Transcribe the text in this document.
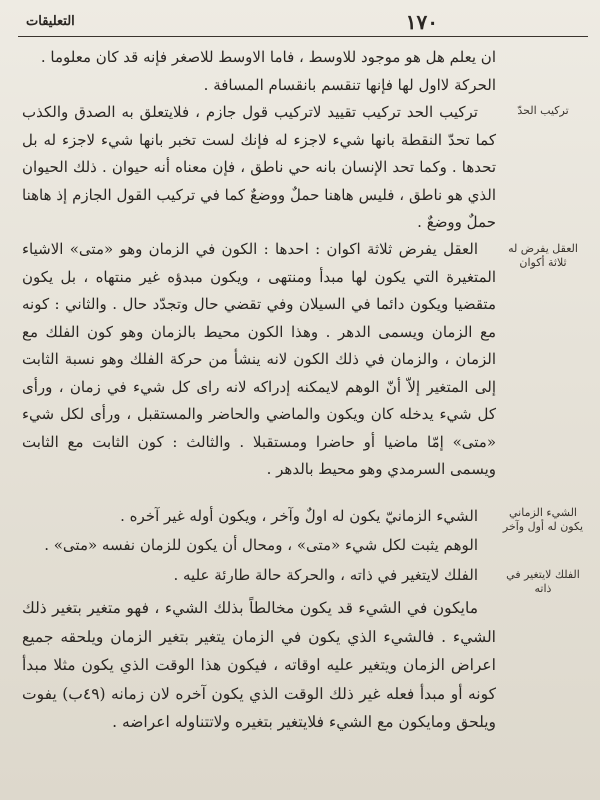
١٧٠
التعليقات

ان يعلم هل هو موجود للاوسط ، فاما الاوسط للاصغر فإنه قد كان معلوما .

الحركة لااول لها فإنها تنقسم بانقسام المسافة .

تركيب الحدّ
العقل يفرض له ثلاثة أكوان
الشيء الزماني يكون له أول وآخر
الفلك لايتغير في ذاته

تركيب الحد تركيب تقييد لاتركيب قول جازم ، فلايتعلق به الصدق والكذب كما تحدّ النقطة بانها شيء لاجزء له فإنك لست تخبر بانها شيء لاجزء له بل تحدها . وكما تحد الإنسان بانه حي ناطق ، فإن معناه أنه حيوان . ذلك الحيوان الذي هو ناطق ، فليس هاهنا حملٌ ووضعٌ كما في تركيب القول الجازم إذ هاهنا حملٌ ووضعٌ .

العقل يفرض ثلاثة اكوان : احدها : الكون في الزمان وهو «متى» الاشياء المتغيرة التي يكون لها مبدأ ومنتهى ، ويكون مبدؤه غير منتهاه ، بل يكون متقضيا ويكون دائما في السيلان وفي تقضي حال وتجدّد حال . والثاني : كونه مع الزمان ويسمى الدهر . وهذا الكون محيط بالزمان وهو كون الفلك مع الزمان ، والزمان في ذلك الكون لانه ينشأ من حركة الفلك وهو نسبة الثابت إلى المتغير إلاّ أنّ الوهم لايمكنه إدراكه لانه راى كل شيء في زمان ، ورأى كل شيء يدخله كان ويكون والماضي والحاضر والمستقبل ، ورأى لكل شيء «متى» إمّا ماضيا أو حاضرا ومستقبلا . والثالث : كون الثابت مع الثابت ويسمى السرمدي وهو محيط بالدهر .

الشيء الزمانيّ يكون له اولٌ وآخر ، ويكون أوله غير آخره .

الوهم يثبت لكل شيء «متى» ، ومحال أن يكون للزمان نفسه «متى» .

الفلك لايتغير في ذاته ، والحركة حالة طارئة عليه .

مايكون في الشيء قد يكون مخالطاً بذلك الشيء ، فهو متغير بتغير ذلك الشيء . فالشيء الذي يكون في الزمان يتغير بتغير الزمان ويلحقه جميع اعراض الزمان ويتغير عليه اوقاته ، فيكون هذا الوقت الذي يكون مثلا مبدأ كونه أو مبدأ فعله غير ذلك الوقت الذي يكون آخره لان زمانه (٤٩ب) يفوت ويلحق ومايكون مع الشيء فلايتغير بتغيره ولاتتناوله اعراضه .
